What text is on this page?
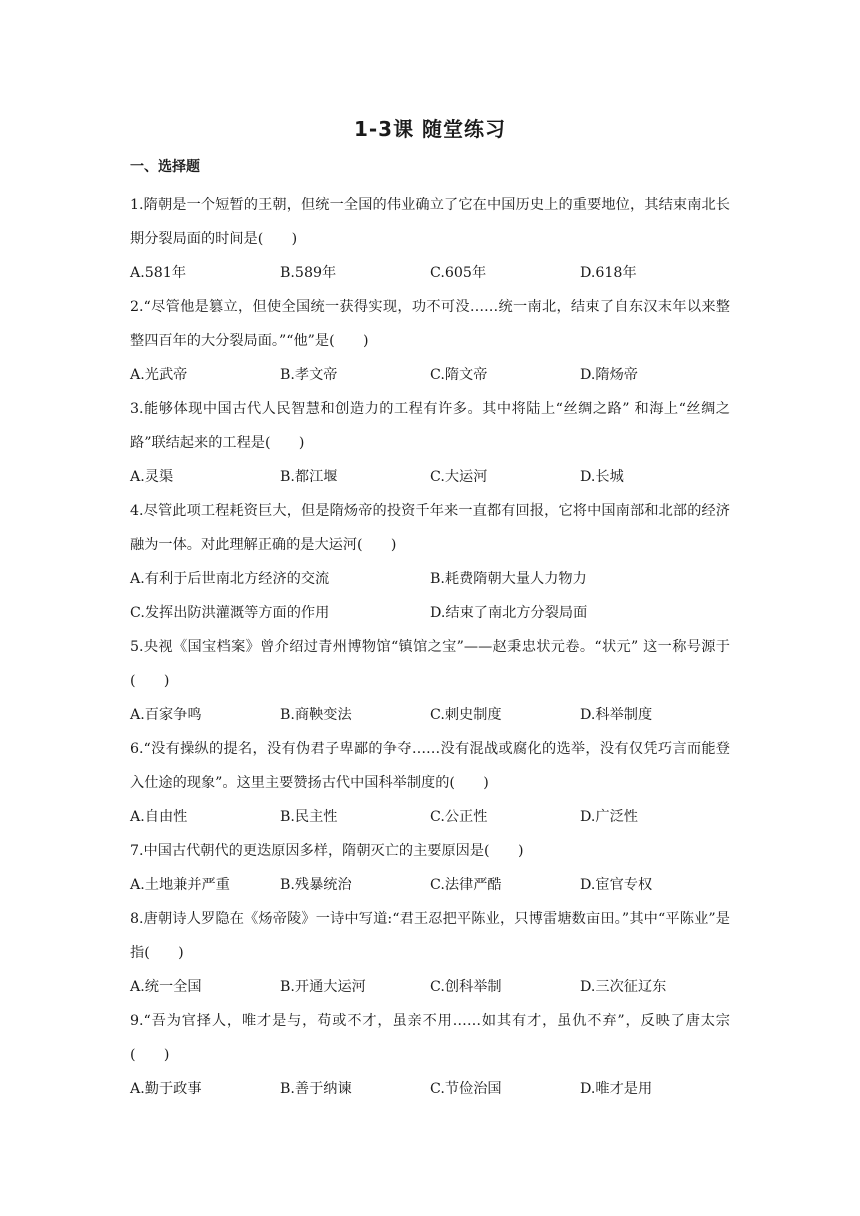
1-3课 随堂练习
一、选择题

1.隋朝是一个短暂的王朝，但统一全国的伟业确立了它在中国历史上的重要地位，其结束南北长期分裂局面的时间是(　　)

A.581年	B.589年	C.605年	D.618年

2.“尽管他是篡立，但使全国统一获得实现，功不可没……统一南北，结束了自东汉末年以来整整四百年的大分裂局面。”“他”是(　　)

A.光武帝	B.孝文帝	C.隋文帝	D.隋炀帝

3.能够体现中国古代人民智慧和创造力的工程有许多。其中将陆上“丝绸之路” 和海上“丝绸之路”联结起来的工程是(　　)

A.灵渠	B.都江堰	C.大运河	D.长城

4.尽管此项工程耗资巨大，但是隋炀帝的投资千年来一直都有回报，它将中国南部和北部的经济融为一体。对此理解正确的是大运河(　　)

A.有利于后世南北方经济的交流	B.耗费隋朝大量人力物力
C.发挥出防洪灌溉等方面的作用	D.结束了南北方分裂局面

5.央视《国宝档案》曾介绍过青州博物馆“镇馆之宝”——赵秉忠状元卷。“状元” 这一称号源于(　　)

A.百家争鸣	B.商鞅变法	C.刺史制度	D.科举制度

6.“没有操纵的提名，没有伪君子卑鄙的争夺……没有混战或腐化的选举，没有仅凭巧言而能登入仕途的现象”。这里主要赞扬古代中国科举制度的(　　)

A.自由性	B.民主性	C.公正性	D.广泛性

7.中国古代朝代的更迭原因多样，隋朝灭亡的主要原因是(　　)

A.土地兼并严重	B.残暴统治	C.法律严酷	D.宦官专权

8.唐朝诗人罗隐在《炀帝陵》一诗中写道:“君王忍把平陈业，只博雷塘数亩田。”其中“平陈业”是指(　　)

A.统一全国	B.开通大运河	C.创科举制	D.三次征辽东

9.“吾为官择人，唯才是与，苟或不才，虽亲不用……如其有才，虽仇不弃”，反映了唐太宗(　　)

A.勤于政事	B.善于纳谏	C.节俭治国	D.唯才是用
